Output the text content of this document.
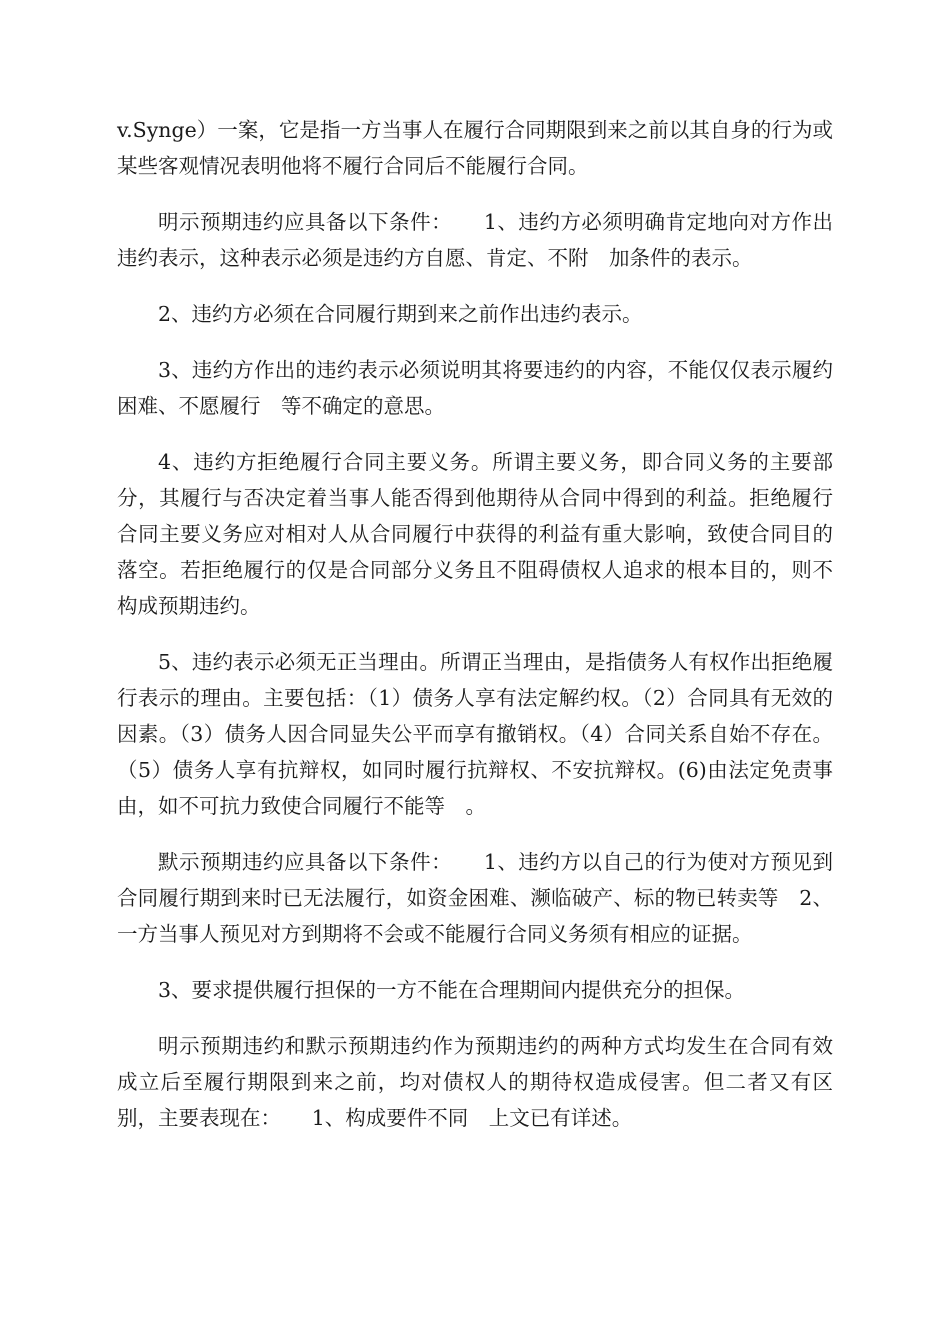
v.Synge）一案，它是指一方当事人在履行合同期限到来之前以其自身的行为或某些客观情况表明他将不履行合同后不能履行合同。

明示预期违约应具备以下条件：　　1、违约方必须明确肯定地向对方作出违约表示，这种表示必须是违约方自愿、肯定、不附　加条件的表示。

2、违约方必须在合同履行期到来之前作出违约表示。

3、违约方作出的违约表示必须说明其将要违约的内容，不能仅仅表示履约困难、不愿履行　等不确定的意思。

4、违约方拒绝履行合同主要义务。所谓主要义务，即合同义务的主要部分，其履行与否决定着当事人能否得到他期待从合同中得到的利益。拒绝履行合同主要义务应对相对人从合同履行中获得的利益有重大影响，致使合同目的落空。若拒绝履行的仅是合同部分义务且不阻碍债权人追求的根本目的，则不构成预期违约。

5、违约表示必须无正当理由。所谓正当理由，是指债务人有权作出拒绝履行表示的理由。主要包括：（1）债务人享有法定解约权。（2）合同具有无效的因素。（3）债务人因合同显失公平而享有撤销权。（4）合同关系自始不存在。（5）债务人享有抗辩权，如同时履行抗辩权、不安抗辩权。(6)由法定免责事由，如不可抗力致使合同履行不能等　。

默示预期违约应具备以下条件：　　1、违约方以自己的行为使对方预见到合同履行期到来时已无法履行，如资金困难、濒临破产、标的物已转卖等　2、一方当事人预见对方到期将不会或不能履行合同义务须有相应的证据。

3、要求提供履行担保的一方不能在合理期间内提供充分的担保。

明示预期违约和默示预期违约作为预期违约的两种方式均发生在合同有效成立后至履行期限到来之前，均对债权人的期待权造成侵害。但二者又有区别，主要表现在：　　1、构成要件不同　上文已有详述。
